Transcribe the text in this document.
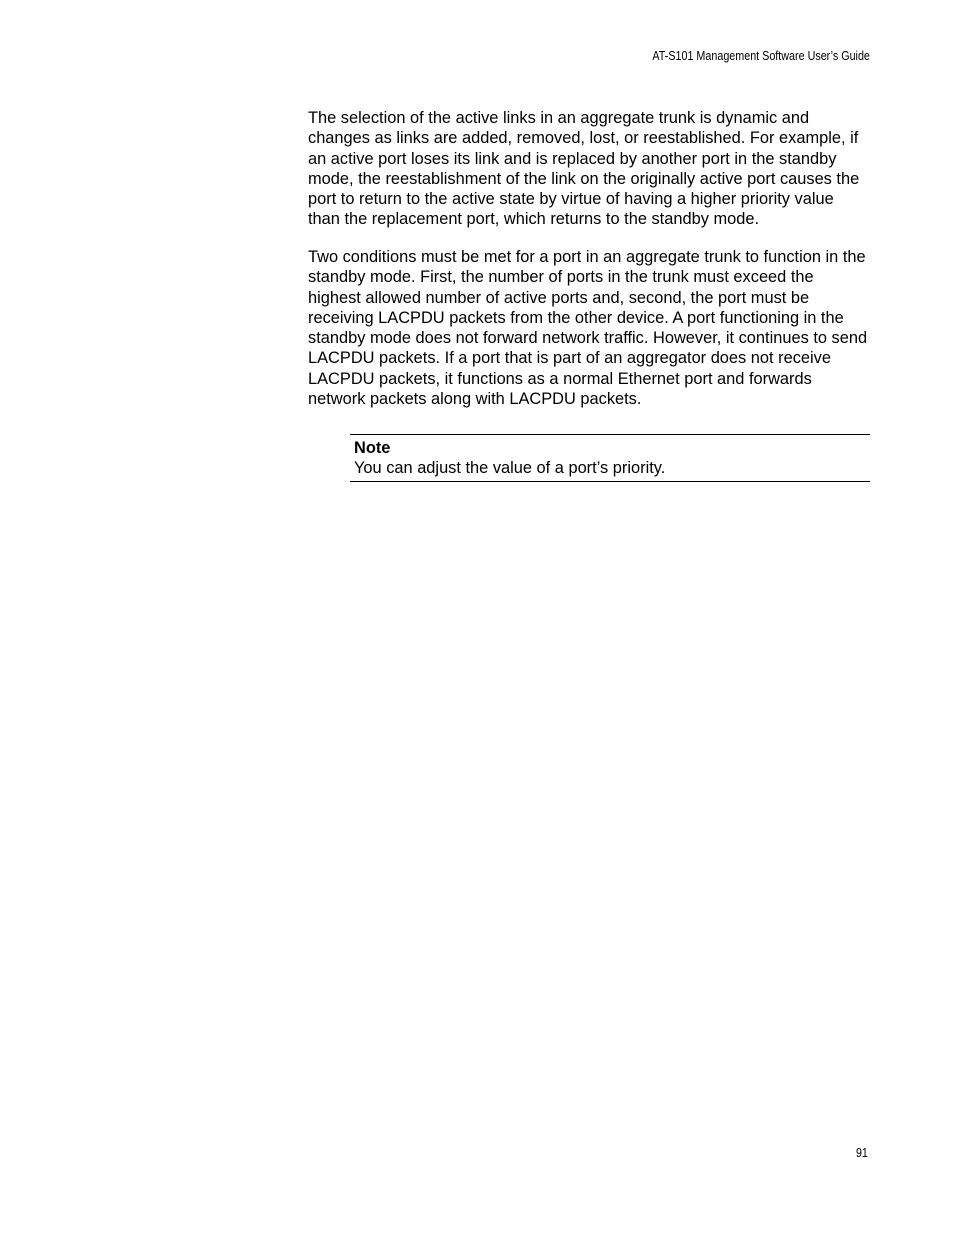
AT-S101 Management Software User’s Guide

The selection of the active links in an aggregate trunk is dynamic and changes as links are added, removed, lost, or reestablished. For example, if an active port loses its link and is replaced by another port in the standby mode, the reestablishment of the link on the originally active port causes the port to return to the active state by virtue of having a higher priority value than the replacement port, which returns to the standby mode.

Two conditions must be met for a port in an aggregate trunk to function in the standby mode. First, the number of ports in the trunk must exceed the highest allowed number of active ports and, second, the port must be receiving LACPDU packets from the other device. A port functioning in the standby mode does not forward network traffic. However, it continues to send LACPDU packets. If a port that is part of an aggregator does not receive LACPDU packets, it functions as a normal Ethernet port and forwards network packets along with LACPDU packets.

Note
You can adjust the value of a port’s priority.
91
